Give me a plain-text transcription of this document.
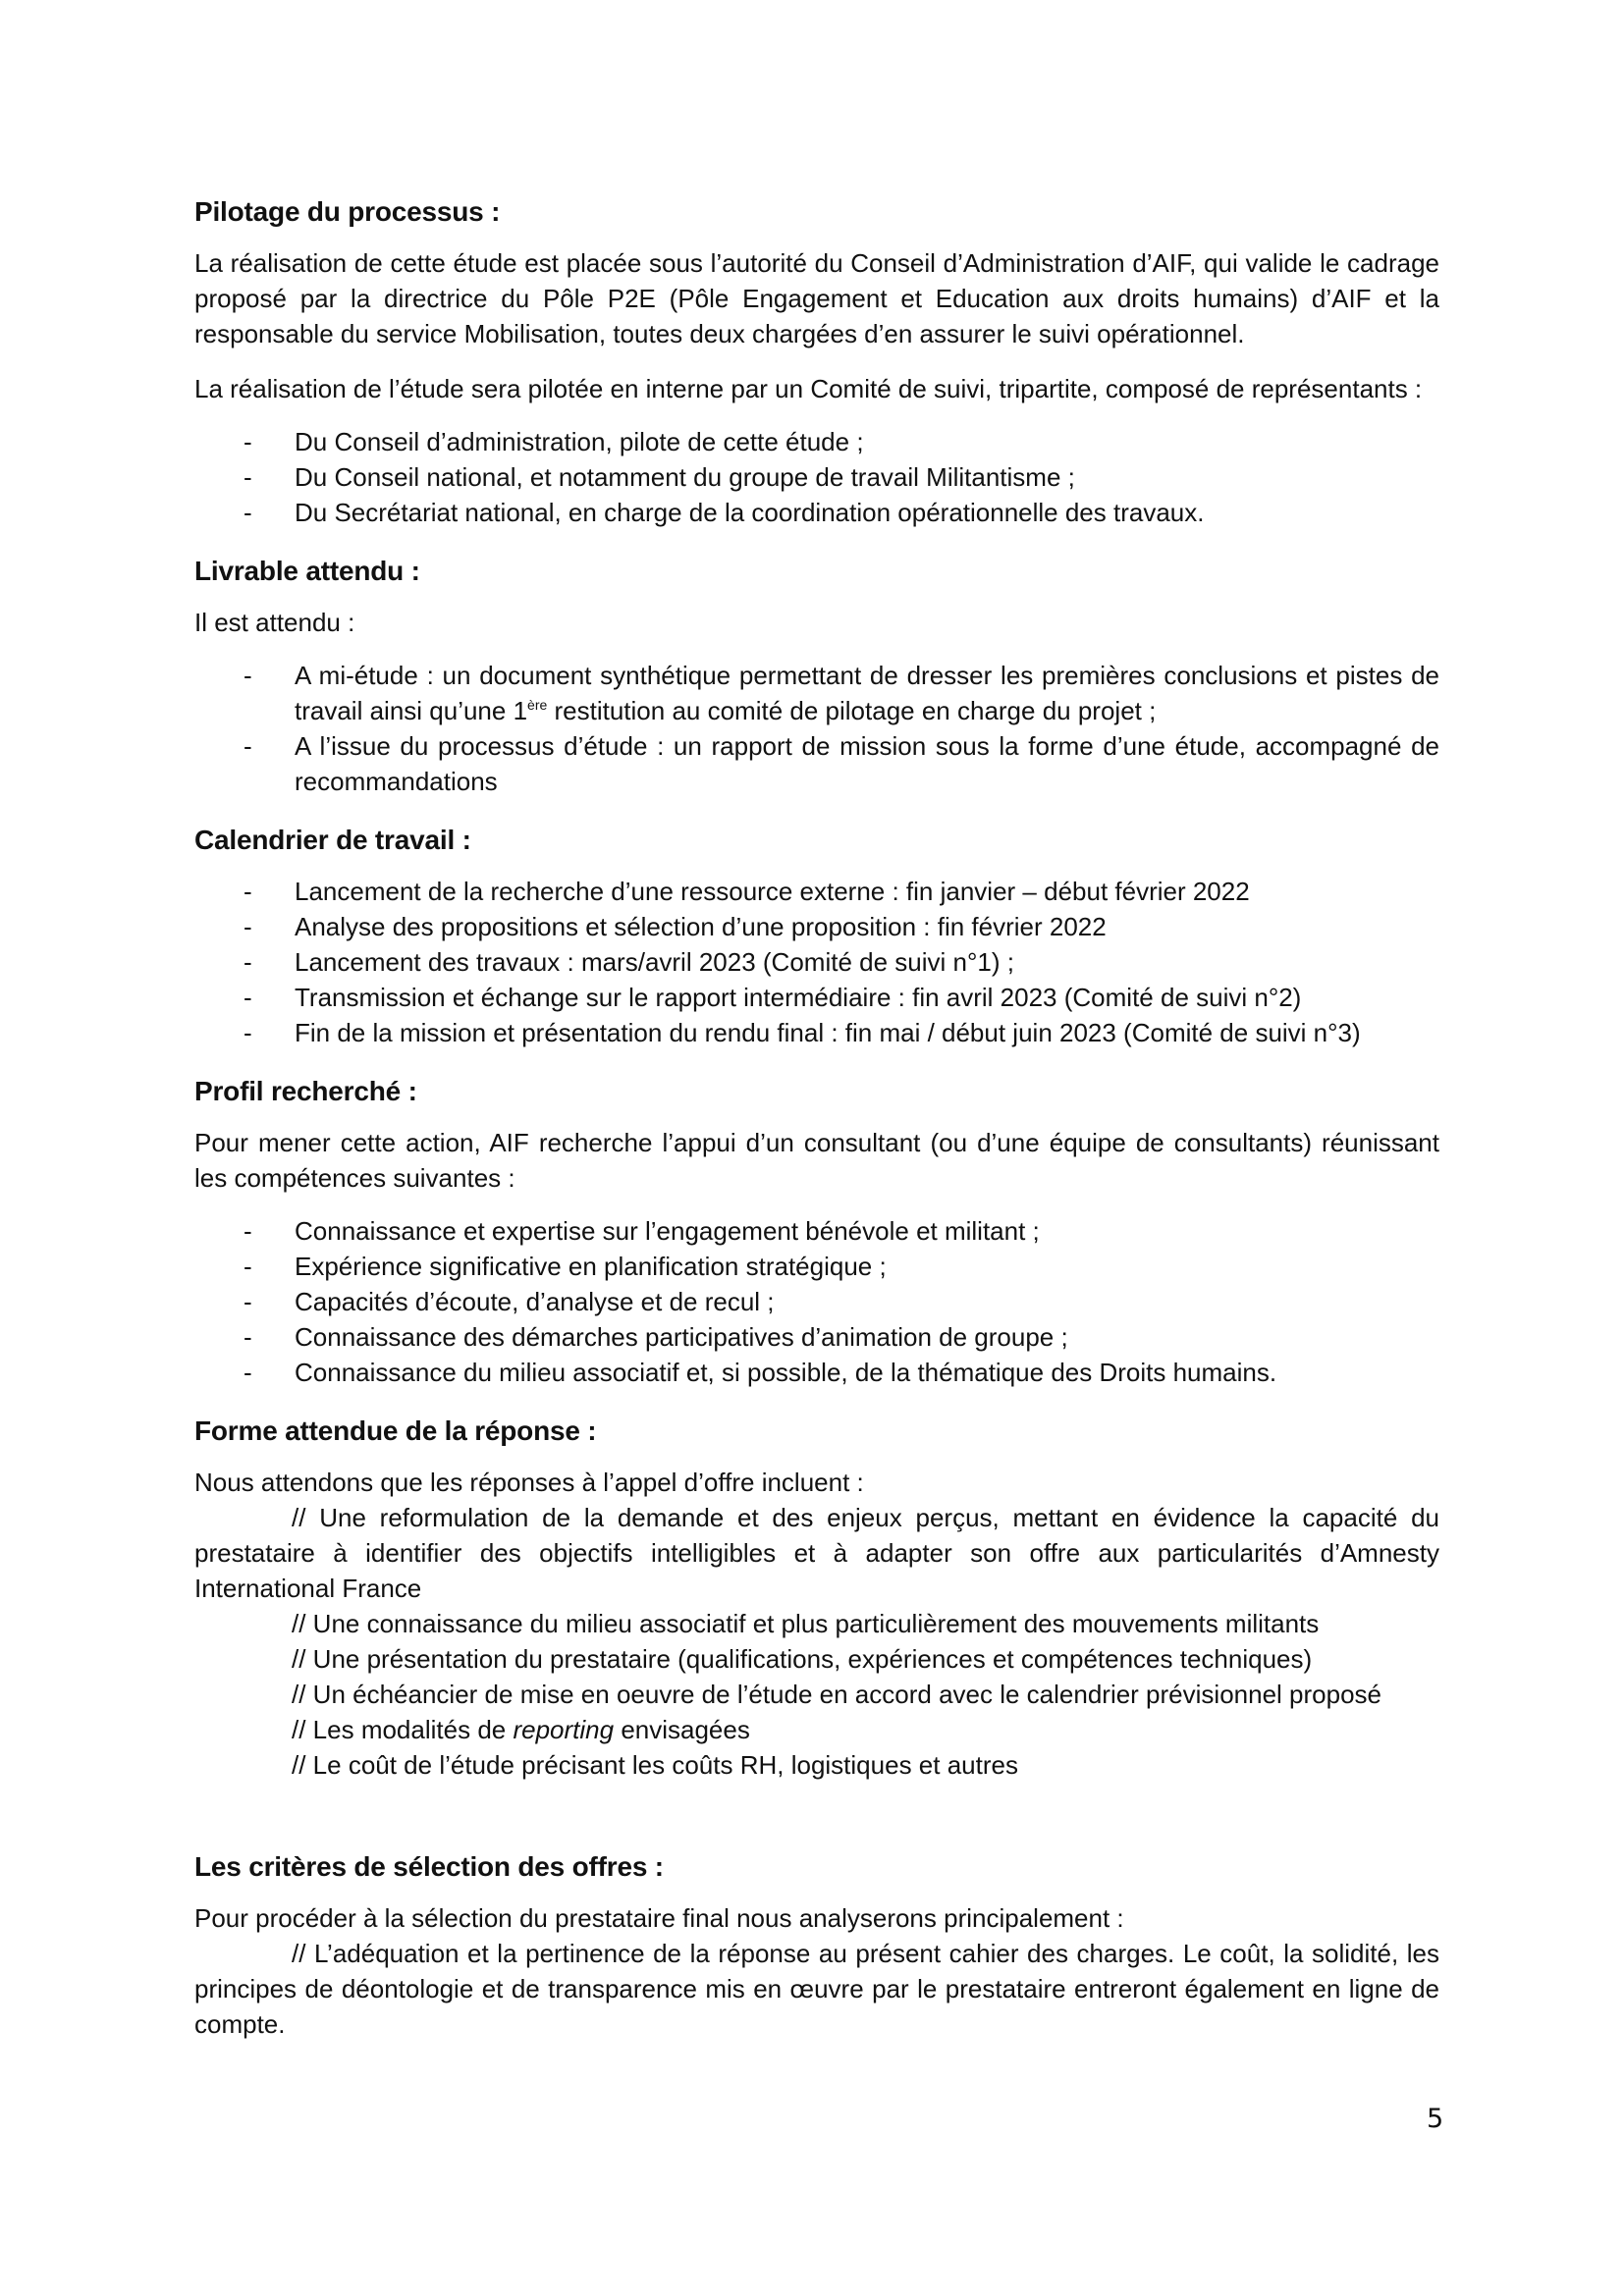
Pilotage du processus :

La réalisation de cette étude est placée sous l’autorité du Conseil d’Administration d’AIF, qui valide le cadrage proposé par la directrice du Pôle P2E (Pôle Engagement et Education aux droits humains) d’AIF et la responsable du service Mobilisation, toutes deux chargées d’en assurer le suivi opérationnel.

La réalisation de l’étude sera pilotée en interne par un Comité de suivi, tripartite, composé de représentants :

- Du Conseil d’administration, pilote de cette étude ;
- Du Conseil national, et notamment du groupe de travail Militantisme ;
- Du Secrétariat national, en charge de la coordination opérationnelle des travaux.
Livrable attendu :

Il est attendu :

- A mi-étude : un document synthétique permettant de dresser les premières conclusions et pistes de travail ainsi qu’une 1ère restitution au comité de pilotage en charge du projet ;
- A l’issue du processus d’étude : un rapport de mission sous la forme d’une étude, accompagné de recommandations
Calendrier de travail :
- Lancement de la recherche d’une ressource externe : fin janvier – début février 2022
- Analyse des propositions et sélection d’une proposition : fin février 2022
- Lancement des travaux : mars/avril 2023 (Comité de suivi n°1) ;
- Transmission et échange sur le rapport intermédiaire : fin avril 2023 (Comité de suivi n°2)
- Fin de la mission et présentation du rendu final : fin mai / début juin 2023 (Comité de suivi n°3)
Profil recherché :

Pour mener cette action, AIF recherche l’appui d’un consultant (ou d’une équipe de consultants) réunissant les compétences suivantes :

- Connaissance et expertise sur l’engagement bénévole et militant ;
- Expérience significative en planification stratégique ;
- Capacités d’écoute, d’analyse et de recul ;
- Connaissance des démarches participatives d’animation de groupe ;
- Connaissance du milieu associatif et, si possible, de la thématique des Droits humains.
Forme attendue de la réponse :

Nous attendons que les réponses à l’appel d’offre incluent :

// Une reformulation de la demande et des enjeux perçus, mettant en évidence la capacité du prestataire à identifier des objectifs intelligibles et à adapter son offre aux particularités d’Amnesty International France

// Une connaissance du milieu associatif et plus particulièrement des mouvements militants
// Une présentation du prestataire (qualifications, expériences et compétences techniques)
// Un échéancier de mise en oeuvre de l’étude en accord avec le calendrier prévisionnel proposé
// Les modalités de reporting envisagées
// Le coût de l’étude précisant les coûts RH, logistiques et autres
Les critères de sélection des offres :

Pour procéder à la sélection du prestataire final nous analyserons principalement :

// L’adéquation et la pertinence de la réponse au présent cahier des charges. Le coût, la solidité, les principes de déontologie et de transparence mis en œuvre par le prestataire entreront également en ligne de compte.

5
